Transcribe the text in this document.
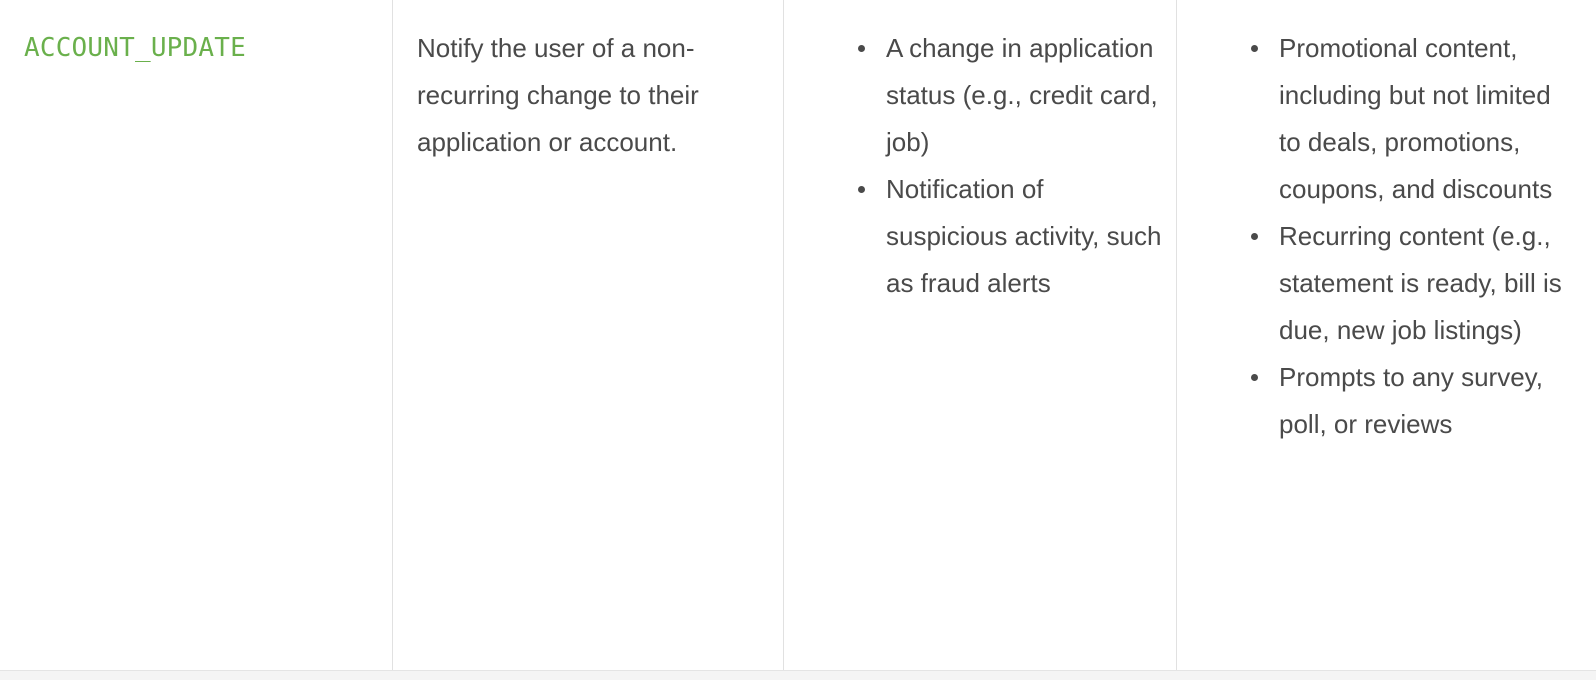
ACCOUNT_UPDATE	Notify the user of a non-recurring change to their application or account.

A change in application status (e.g., credit card, job)
Notification of suspicious activity, such as fraud alerts
Promotional content, including but not limited to deals, promotions, coupons, and discounts
Recurring content (e.g., statement is ready, bill is due, new job listings)
Prompts to any survey, poll, or reviews
